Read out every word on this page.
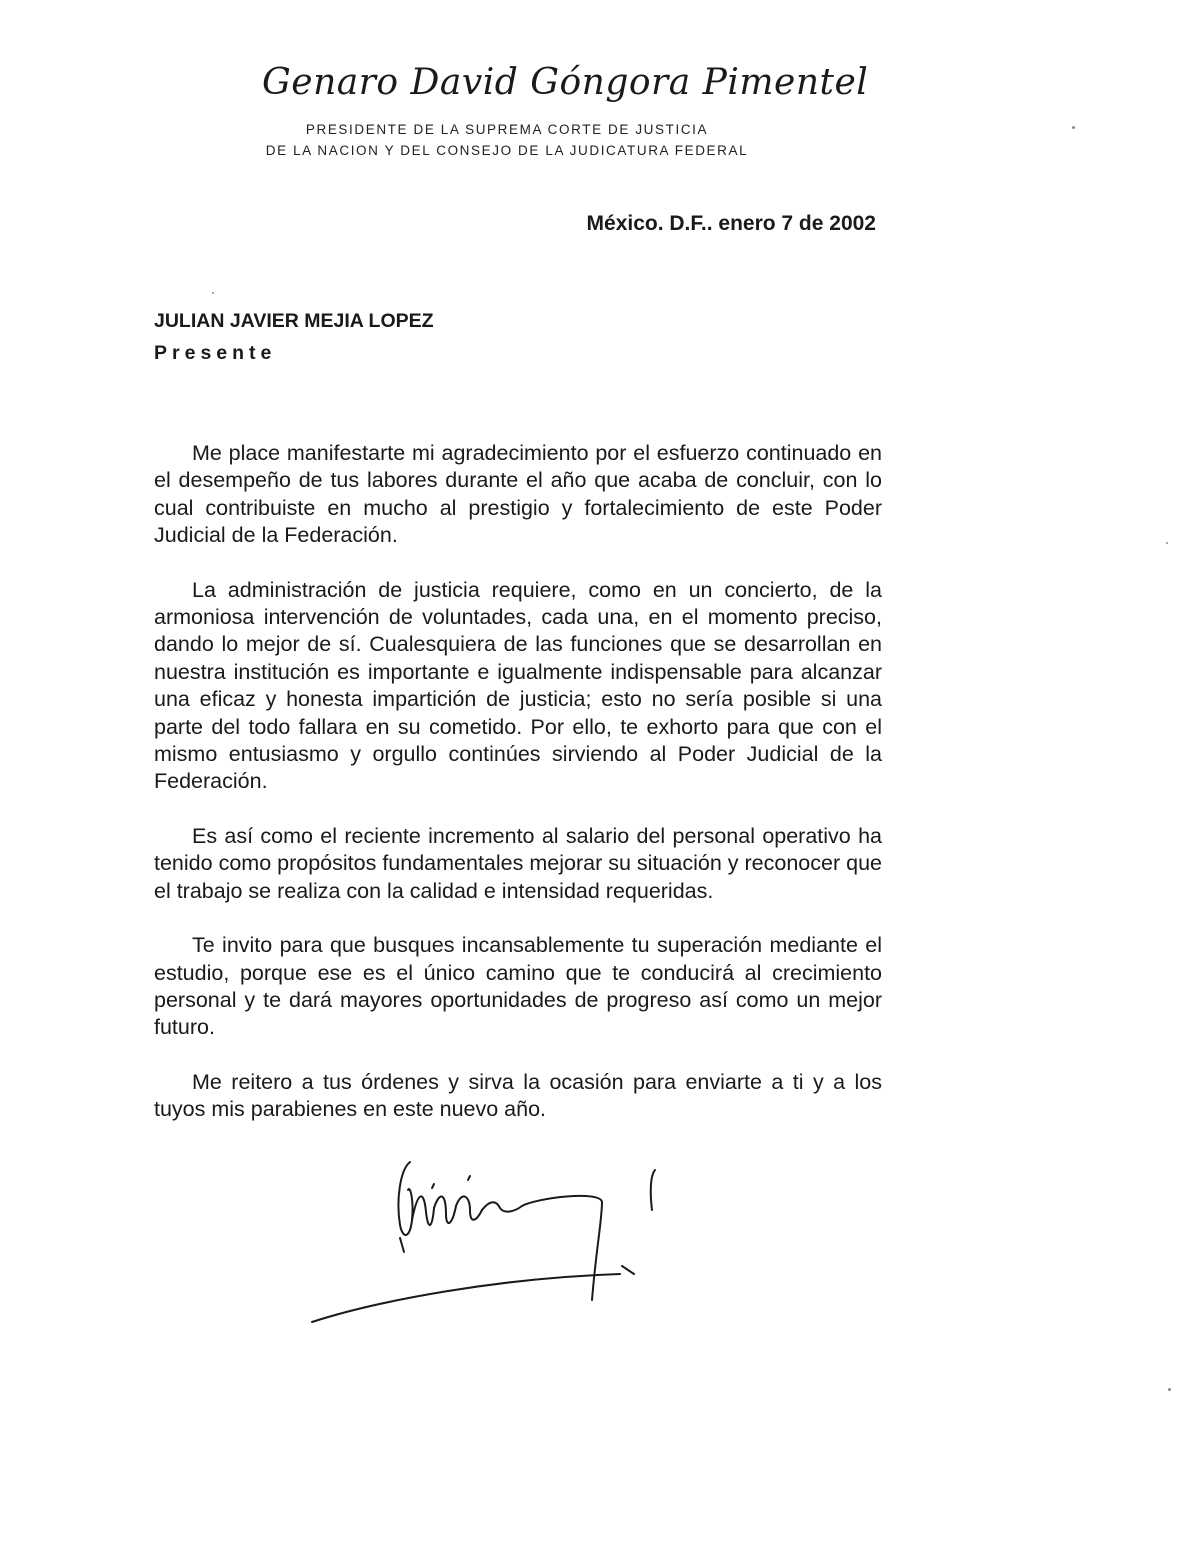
Genaro David Góngora Pimentel
PRESIDENTE DE LA SUPREMA CORTE DE JUSTICIA
DE LA NACION Y DEL CONSEJO DE LA JUDICATURA FEDERAL
México. D.F.. enero 7 de 2002
JULIAN JAVIER MEJIA LOPEZ
Presente

Me place manifestarte mi agradecimiento por el esfuerzo continuado en el desempeño de tus labores durante el año que acaba de concluir, con lo cual contribuiste en mucho al prestigio y fortalecimiento de este Poder Judicial de la Federación.

La administración de justicia requiere, como en un concierto, de la armoniosa intervención de voluntades, cada una, en el momento preciso, dando lo mejor de sí. Cualesquiera de las funciones que se desarrollan en nuestra institución es importante e igualmente indispensable para alcanzar una eficaz y honesta impartición de justicia; esto no sería posible si una parte del todo fallara en su cometido. Por ello, te exhorto para que con el mismo entusiasmo y orgullo continúes sirviendo al Poder Judicial de la Federación.

Es así como el reciente incremento al salario del personal operativo ha tenido como propósitos fundamentales mejorar su situación y reconocer que el trabajo se realiza con la calidad e intensidad requeridas.

Te invito para que busques incansablemente tu superación mediante el estudio, porque ese es el único camino que te conducirá al crecimiento personal y te dará mayores oportunidades de progreso así como un mejor futuro.

Me reitero a tus órdenes y sirva la ocasión para enviarte a ti y a los tuyos mis parabienes en este nuevo año.
